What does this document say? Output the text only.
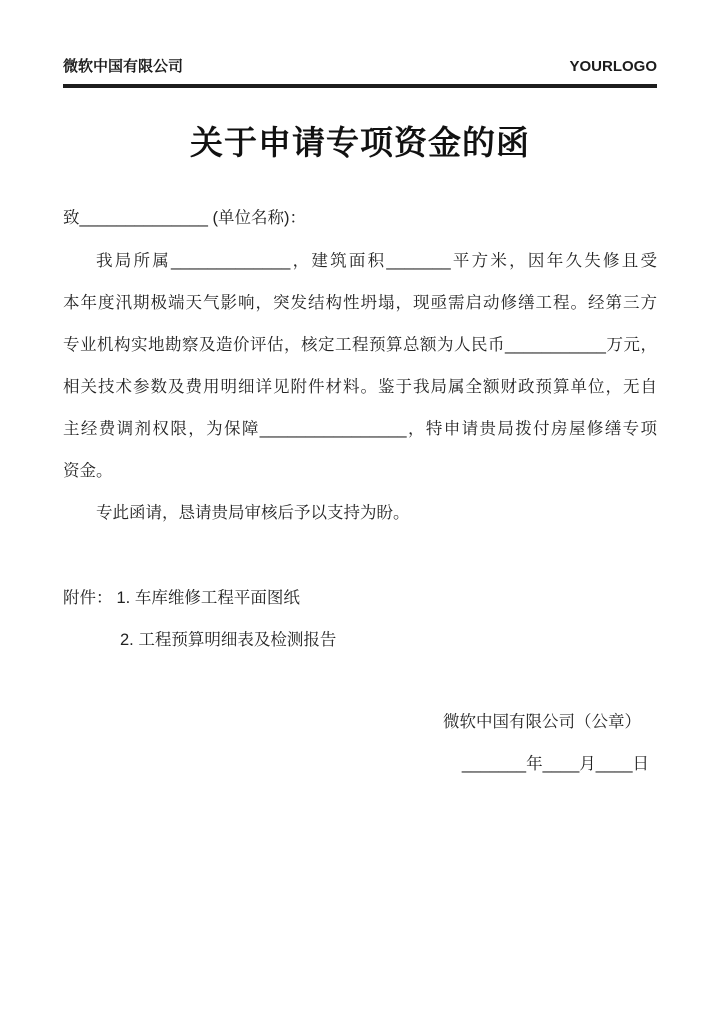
微软中国有限公司	YOURLOGO
关于申请专项资金的函
致______________ (单位名称)：
我局所属_____________，建筑面积_______平方米，因年久失修且受
本年度汛期极端天气影响，突发结构性坍塌，现亟需启动修缮工程。经第三方
专业机构实地勘察及造价评估，核定工程预算总额为人民币___________万元，
相关技术参数及费用明细详见附件材料。鉴于我局属全额财政预算单位，无自
主经费调剂权限，为保障________________，特申请贵局拨付房屋修缮专项
资金。
专此函请，恳请贵局审核后予以支持为盼。
附件： 1. 车库维修工程平面图纸
2. 工程预算明细表及检测报告
微软中国有限公司（公章）
_______年____月____日
